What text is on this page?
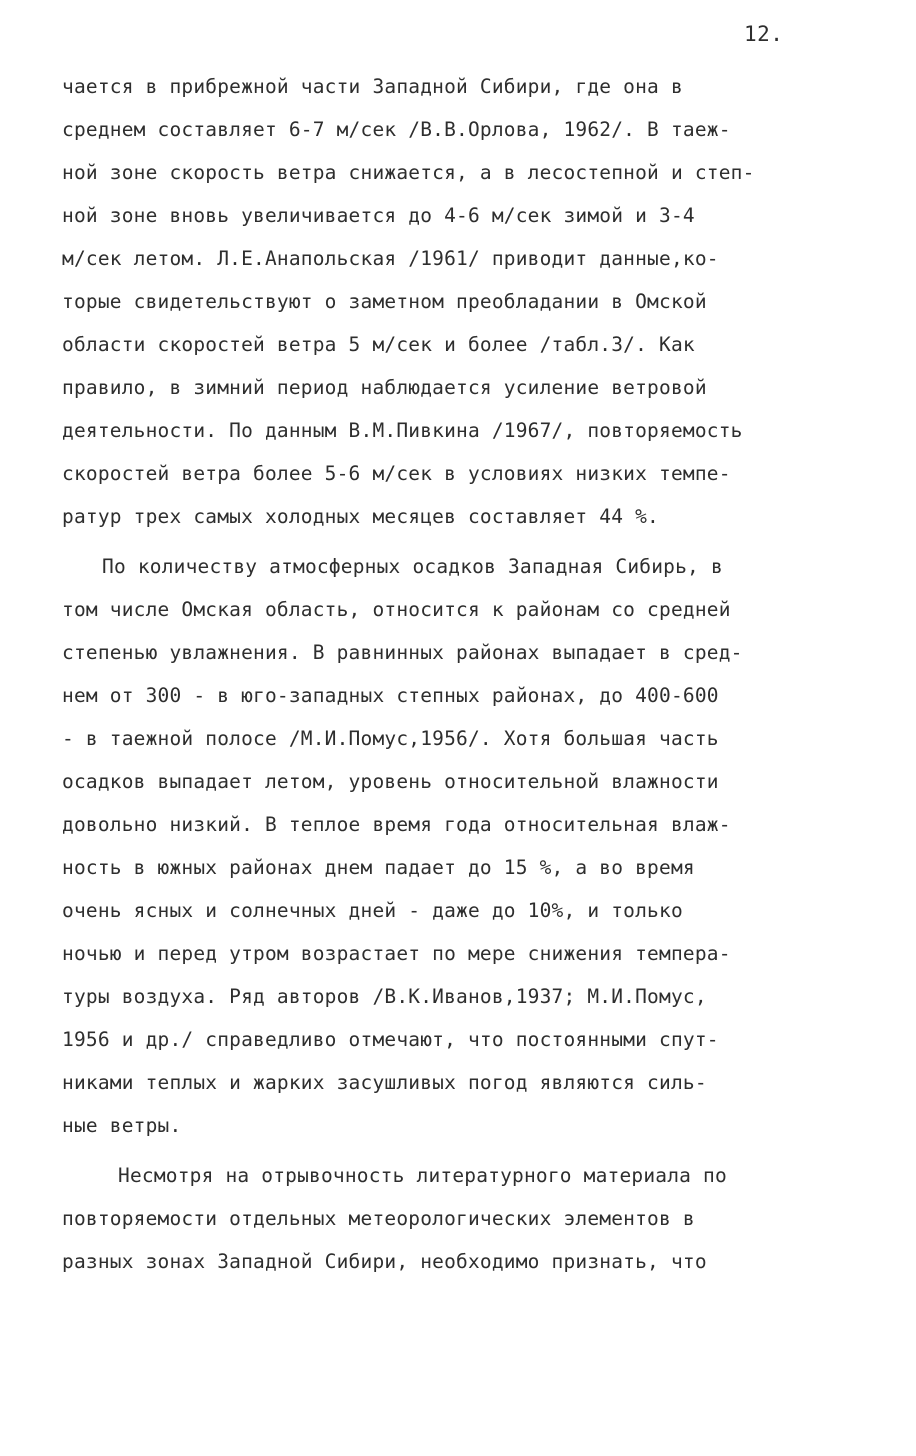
12.
чается в прибрежной части Западной Сибири, где она в
среднем составляет 6-7 м/сек /В.В.Орлова, 1962/. В таеж-
ной зоне скорость ветра снижается, а в лесостепной и степ-
ной зоне вновь увеличивается до 4-6 м/сек зимой и 3-4
м/сек летом. Л.Е.Анапольская /1961/ приводит данные,ко-
торые свидетельствуют о заметном преобладании в Омской
области скоростей ветра 5 м/сек и более /табл.3/. Как
правило, в зимний период наблюдается усиление ветровой
деятельности. По данным В.М.Пивкина /1967/, повторяемость
скоростей ветра более 5-6 м/сек в условиях низких темпе-
ратур трех самых холодных месяцев составляет 44 %.
По количеству атмосферных осадков Западная Сибирь, в
том числе Омская область, относится к районам со средней
степенью увлажнения. В равнинных районах выпадает в сред-
нем от 300 - в юго-западных степных районах, до 400-600
- в таежной полосе /М.И.Помус,1956/. Хотя большая часть
осадков выпадает летом, уровень относительной влажности
довольно низкий. В теплое время года относительная влаж-
ность в южных районах днем падает до 15 %, а во время
очень ясных и солнечных дней - даже до 10%, и только
ночью и перед утром возрастает по мере снижения темпера-
туры воздуха. Ряд авторов /В.К.Иванов,1937; М.И.Помус,
1956 и др./ справедливо отмечают, что постоянными спут-
никами теплых и жарких засушливых погод являются силь-
ные ветры.
Несмотря на отрывочность литературного материала по
повторяемости отдельных метеорологических элементов в
разных зонах Западной Сибири, необходимо признать, что
